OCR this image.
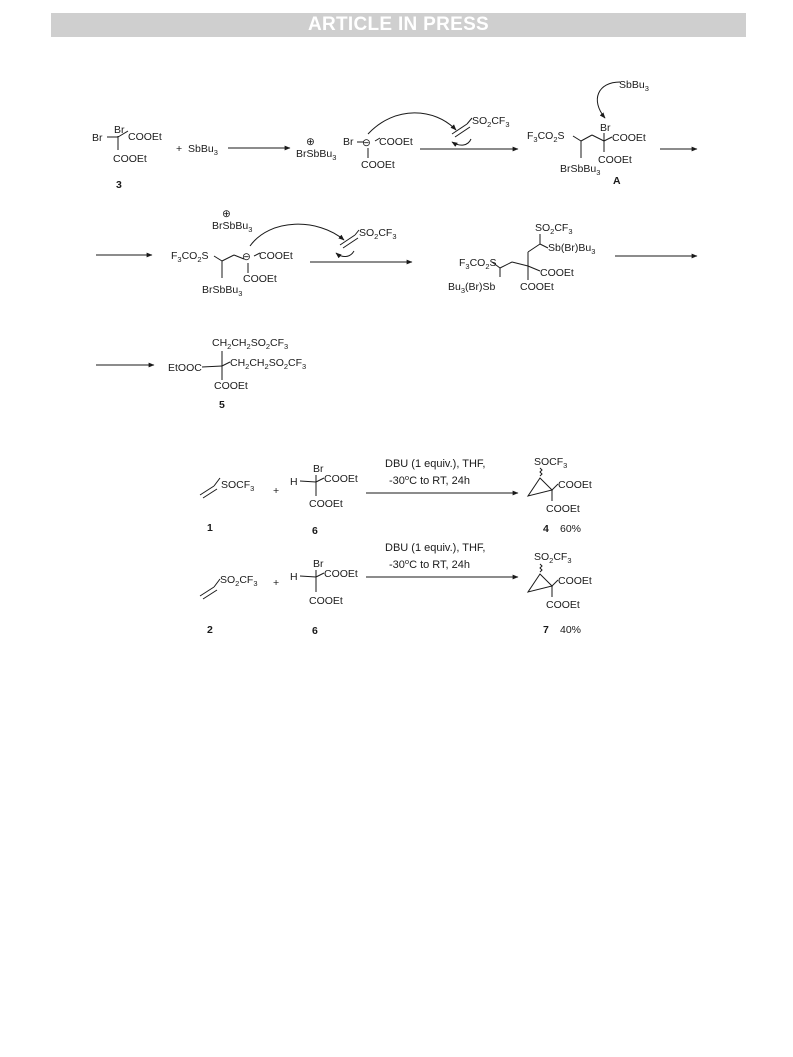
ARTICLE IN PRESS
Br
Br COOEt
COOEt
3
+ SbBu$_3$
⊕
BrSbBu$_3$
Br ⊖ COOEt
COOEt
$SO_2CF_3$
SbBu$_3$
$F_3CO_2S$
Br
COOEt
COOEt
BrSbBu$_3$
A
⊕
BrSbBu$_3$
$F_3CO_2S$	⊖ COOEt
COOEt
BrSbBu$_3$
$SO_2CF_3$
$SO_2CF_3$
$Sb(Br)Bu_3$
$F_3CO_2S$
$Bu_3(Br)Sb$
COOEt
COOEt
$CH_2CH_2SO_2CF_3$
EtOOC	$CH_2CH_2SO_2CF_3$
COOEt
5
$SOCF_3$
1
+
Br
H	COOEt
COOEt
6
DBU (1 equiv.), THF,
-30$^o$C to RT, 24h
$SOCF_3$
COOEt
COOEt
4 60%
$SO_2CF_3$
2
+
Br
H	COOEt
COOEt
6
DBU (1 equiv.), THF,
-30$^o$C to RT, 24h
$SO_2CF_3$
COOEt
COOEt
7 40%
